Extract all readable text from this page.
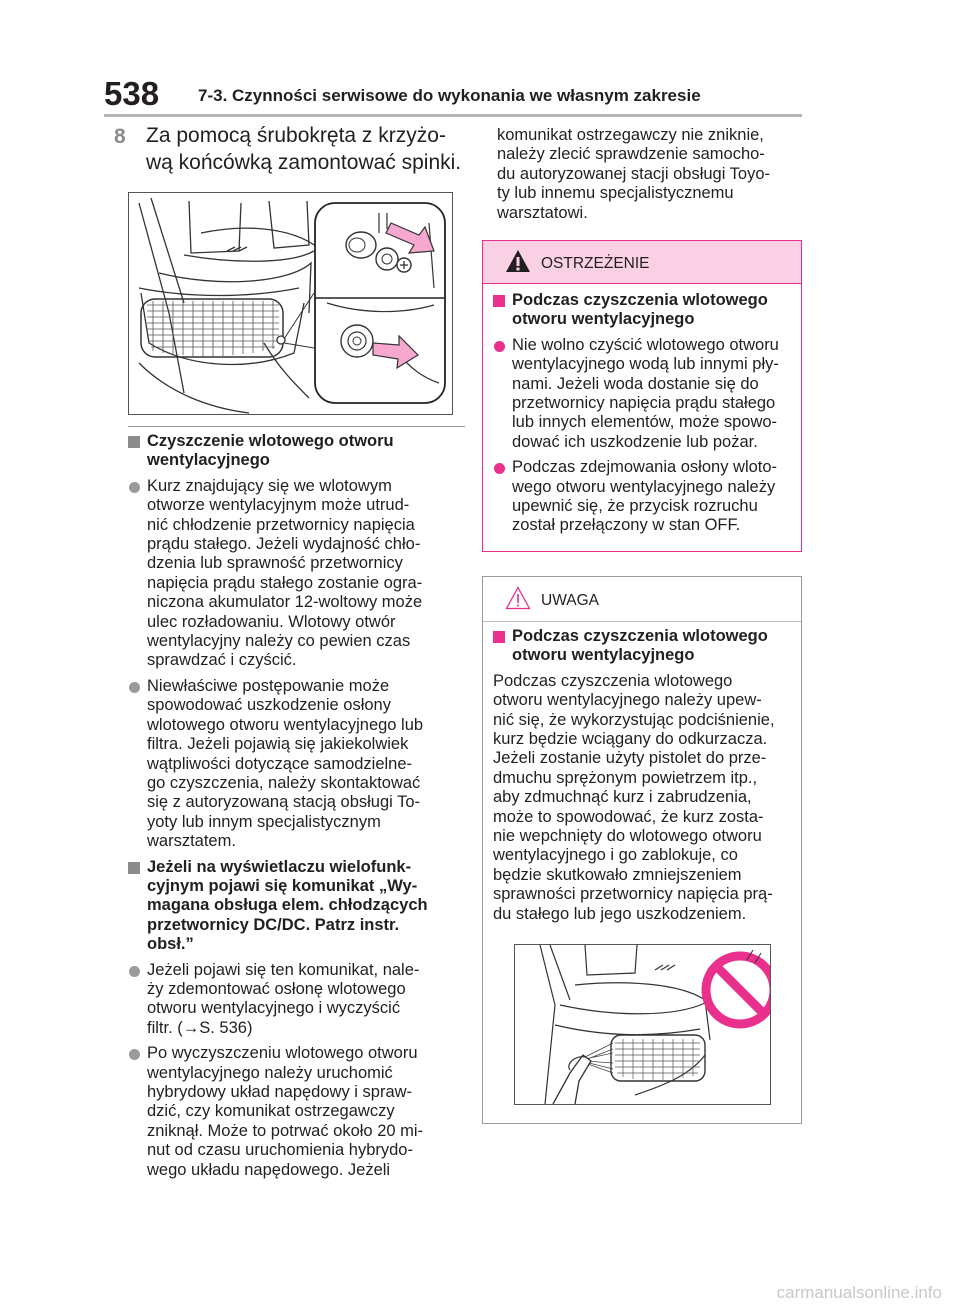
538 7-3. Czynności serwisowe do wykonania we własnym zakresie
8 Za pomocą śrubokręta z krzyżo-
wą końcówką zamontować spinki.
Czyszczenie wlotowego otworu
wentylacyjnego
Kurz znajdujący się we wlotowym
otworze wentylacyjnym może utrud-
nić chłodzenie przetwornicy napięcia
prądu stałego. Jeżeli wydajność chło-
dzenia lub sprawność przetwornicy
napięcia prądu stałego zostanie ogra-
niczona akumulator 12-woltowy może
ulec rozładowaniu. Wlotowy otwór
wentylacyjny należy co pewien czas
sprawdzać i czyścić.
Niewłaściwe postępowanie może
spowodować uszkodzenie osłony
wlotowego otworu wentylacyjnego lub
filtra. Jeżeli pojawią się jakiekolwiek
wątpliwości dotyczące samodzielne-
go czyszczenia, należy skontaktować
się z autoryzowaną stacją obsługi To-
yoty lub innym specjalistycznym
warsztatem.
Jeżeli na wyświetlaczu wielofunk-
cyjnym pojawi się komunikat „Wy-
magana obsługa elem. chłodzących
przetwornicy DC/DC. Patrz instr.
obsł.”
Jeżeli pojawi się ten komunikat, nale-
ży zdemontować osłonę wlotowego
otworu wentylacyjnego i wyczyścić
filtr. (→S. 536)
Po wyczyszczeniu wlotowego otworu
wentylacyjnego należy uruchomić
hybrydowy układ napędowy i spraw-
dzić, czy komunikat ostrzegawczy
zniknął. Może to potrwać około 20 mi-
nut od czasu uruchomienia hybrydo-
wego układu napędowego. Jeżeli
komunikat ostrzegawczy nie zniknie,
należy zlecić sprawdzenie samocho-
du autoryzowanej stacji obsługi Toyo-
ty lub innemu specjalistycznemu
warsztatowi.
OSTRZEŻENIE
Podczas czyszczenia wlotowego
otworu wentylacyjnego
Nie wolno czyścić wlotowego otworu
wentylacyjnego wodą lub innymi pły-
nami. Jeżeli woda dostanie się do
przetwornicy napięcia prądu stałego
lub innych elementów, może spowo-
dować ich uszkodzenie lub pożar.
Podczas zdejmowania osłony wloto-
wego otworu wentylacyjnego należy
upewnić się, że przycisk rozruchu
został przełączony w stan OFF.
UWAGA
Podczas czyszczenia wlotowego
otworu wentylacyjnego
Podczas czyszczenia wlotowego
otworu wentylacyjnego należy upew-
nić się, że wykorzystując podciśnienie,
kurz będzie wciągany do odkurzacza.
Jeżeli zostanie użyty pistolet do prze-
dmuchu sprężonym powietrzem itp.,
aby zdmuchnąć kurz i zabrudzenia,
może to spowodować, że kurz zosta-
nie wepchnięty do wlotowego otworu
wentylacyjnego i go zablokuje, co
będzie skutkowało zmniejszeniem
sprawności przetwornicy napięcia prą-
du stałego lub jego uszkodzeniem.
carmanualsonline.info
